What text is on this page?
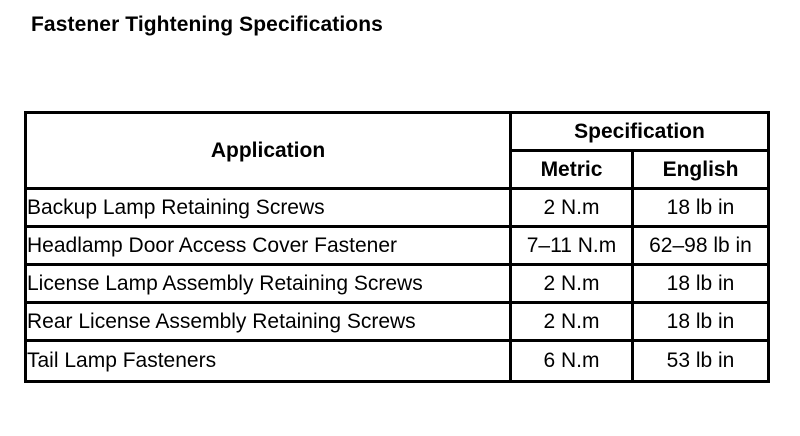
Fastener Tightening Specifications
Application	Specification	
	Metric	English
Backup Lamp Retaining Screws	2 N.m	18 lb in
Headlamp Door Access Cover Fastener	7–11 N.m	62–98 lb in
License Lamp Assembly Retaining Screws	2 N.m	18 lb in
Rear License Assembly Retaining Screws	2 N.m	18 lb in
Tail Lamp Fasteners	6 N.m	53 lb in
